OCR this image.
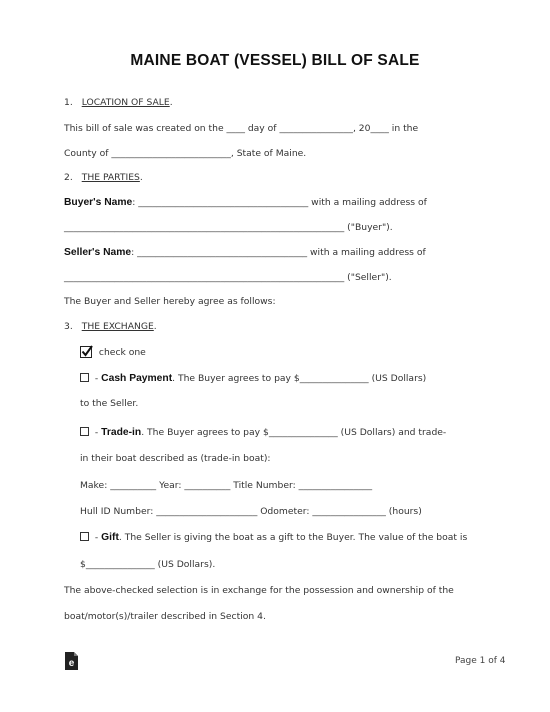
MAINE BOAT (VESSEL) BILL OF SALE
1. LOCATION OF SALE.
This bill of sale was created on the ____ day of ________________, 20____ in the
County of __________________________, State of Maine.
2. THE PARTIES.
Buyer's Name: _____________________________________ with a mailing address of
_____________________________________________________________ ("Buyer").
Seller's Name: _____________________________________ with a mailing address of
_____________________________________________________________ ("Seller").
The Buyer and Seller hereby agree as follows:
3. THE EXCHANGE.
check one
- Cash Payment. The Buyer agrees to pay $_______________ (US Dollars)
to the Seller.
- Trade-in. The Buyer agrees to pay $_______________ (US Dollars) and trade-
in their boat described as (trade-in boat):
Make: __________ Year: __________ Title Number: ________________
Hull ID Number: ______________________ Odometer: ________________ (hours)
- Gift. The Seller is giving the boat as a gift to the Buyer. The value of the boat is
$_______________ (US Dollars).
The above-checked selection is in exchange for the possession and ownership of the
boat/motor(s)/trailer described in Section 4.
e	Page 1 of 4
